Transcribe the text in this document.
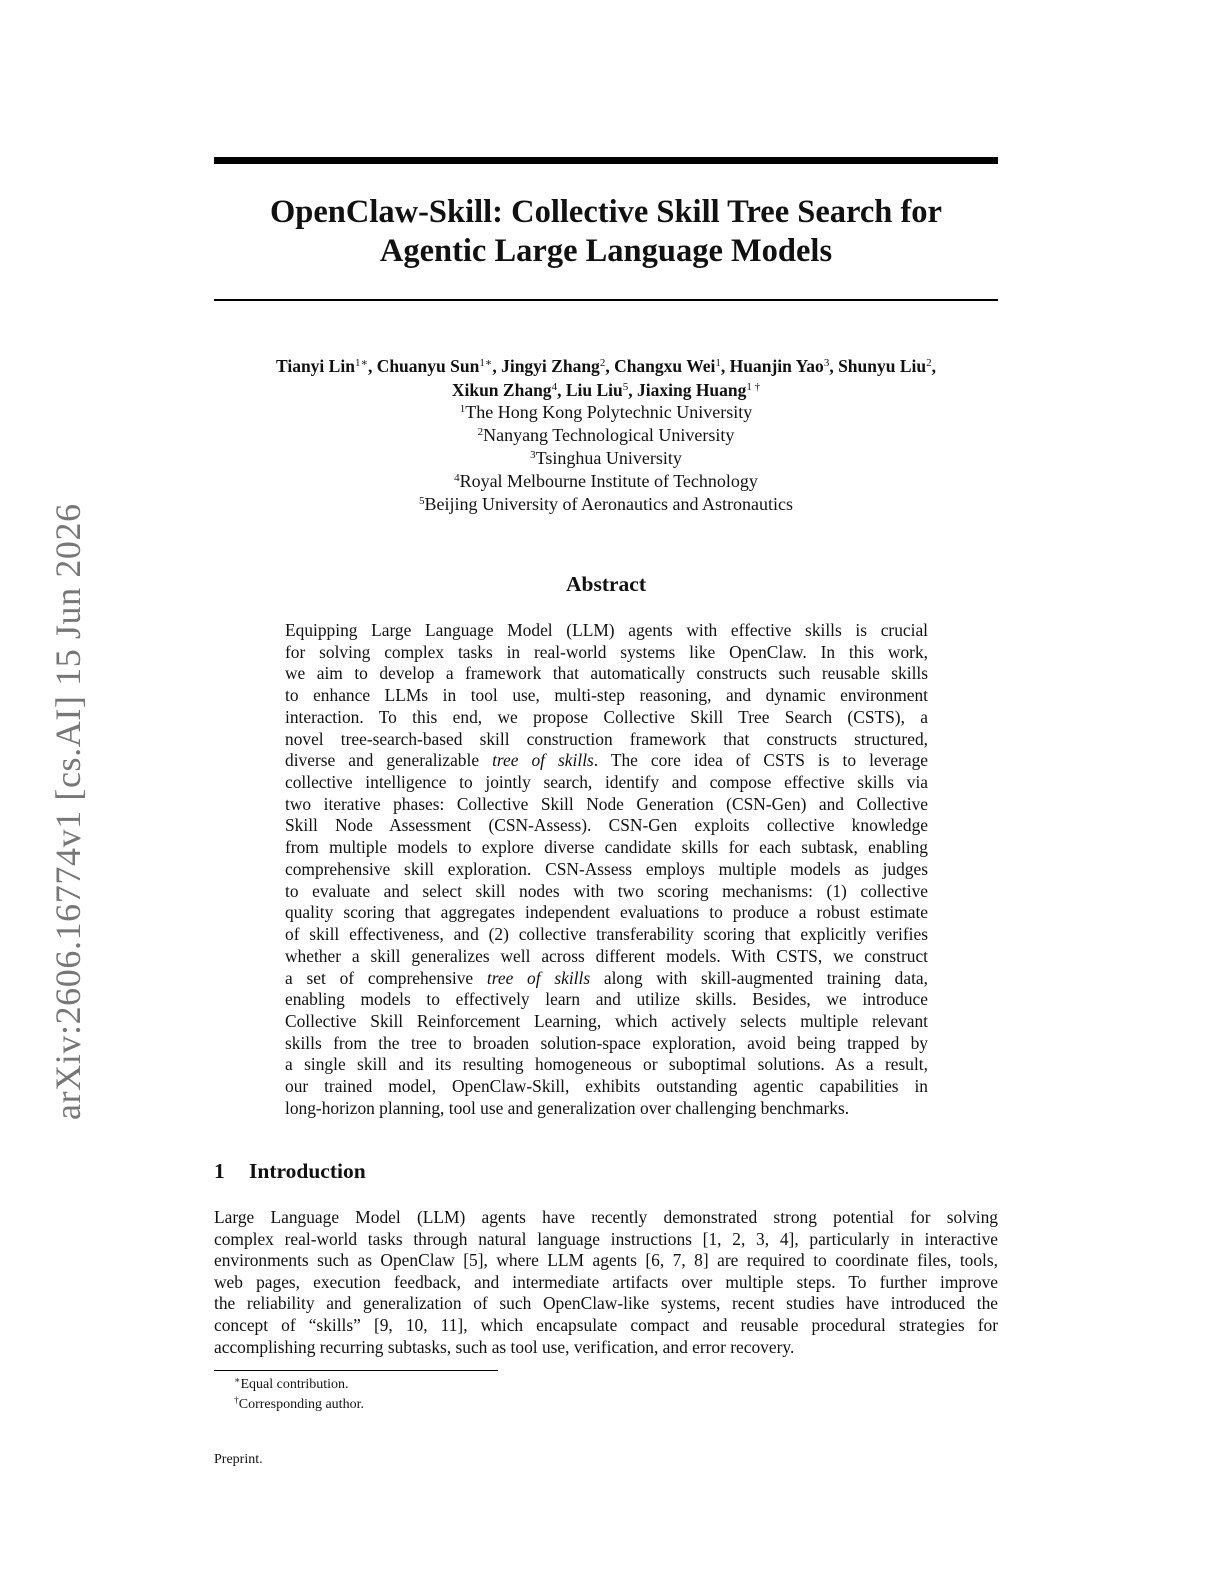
arXiv:2606.16774v1 [cs.AI] 15 Jun 2026
OpenClaw-Skill: Collective Skill Tree Search for
Agentic Large Language Models
Tianyi Lin$^{1∗}$, Chuanyu Sun$^{1∗}$, Jingyi Zhang$^2$, Changxu Wei$^1$, Huanjin Yao$^3$, Shunyu Liu$^2$,
Xikun Zhang$^4$, Liu Liu$^5$, Jiaxing Huang$^1$ †
$^1$The Hong Kong Polytechnic University
$^2$Nanyang Technological University
$^3$Tsinghua University
$^4$Royal Melbourne Institute of Technology
$^5$Beijing University of Aeronautics and Astronautics
Abstract
Equipping Large Language Model (LLM) agents with effective skills is crucial
for solving complex tasks in real-world systems like OpenClaw. In this work,
we aim to develop a framework that automatically constructs such reusable skills
to enhance LLMs in tool use, multi-step reasoning, and dynamic environment
interaction. To this end, we propose Collective Skill Tree Search (CSTS), a
novel tree-search-based skill construction framework that constructs structured,
diverse and generalizable tree of skills. The core idea of CSTS is to leverage
collective intelligence to jointly search, identify and compose effective skills via
two iterative phases: Collective Skill Node Generation (CSN-Gen) and Collective
Skill Node Assessment (CSN-Assess). CSN-Gen exploits collective knowledge
from multiple models to explore diverse candidate skills for each subtask, enabling
comprehensive skill exploration. CSN-Assess employs multiple models as judges
to evaluate and select skill nodes with two scoring mechanisms: (1) collective
quality scoring that aggregates independent evaluations to produce a robust estimate
of skill effectiveness, and (2) collective transferability scoring that explicitly verifies
whether a skill generalizes well across different models. With CSTS, we construct
a set of comprehensive tree of skills along with skill-augmented training data,
enabling models to effectively learn and utilize skills. Besides, we introduce
Collective Skill Reinforcement Learning, which actively selects multiple relevant
skills from the tree to broaden solution-space exploration, avoid being trapped by
a single skill and its resulting homogeneous or suboptimal solutions. As a result,
our trained model, OpenClaw-Skill, exhibits outstanding agentic capabilities in
long-horizon planning, tool use and generalization over challenging benchmarks.
1 Introduction
Large Language Model (LLM) agents have recently demonstrated strong potential for solving
complex real-world tasks through natural language instructions [1, 2, 3, 4], particularly in interactive
environments such as OpenClaw [5], where LLM agents [6, 7, 8] are required to coordinate files, tools,
web pages, execution feedback, and intermediate artifacts over multiple steps. To further improve
the reliability and generalization of such OpenClaw-like systems, recent studies have introduced the
concept of “skills” [9, 10, 11], which encapsulate compact and reusable procedural strategies for
accomplishing recurring subtasks, such as tool use, verification, and error recovery.
∗Equal contribution.
†Corresponding author.
Preprint.
